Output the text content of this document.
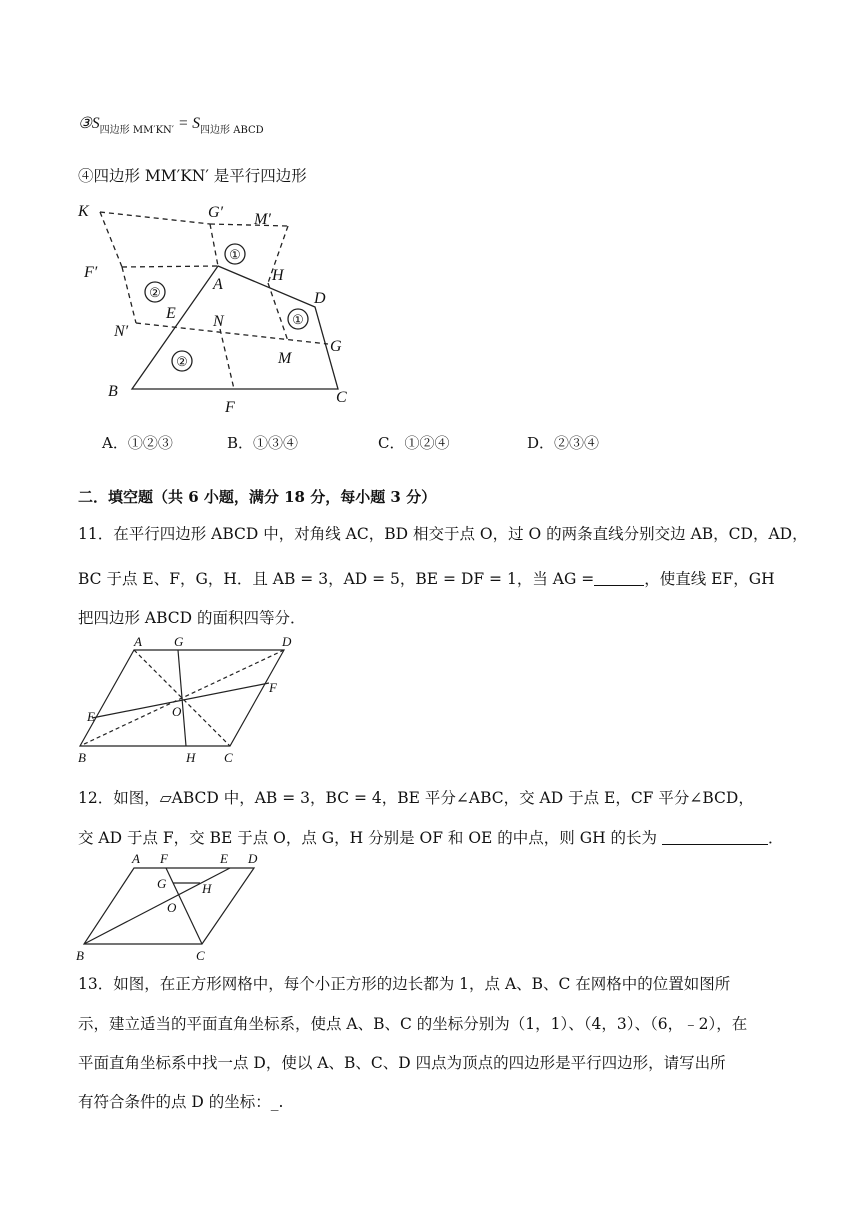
$③S_{四边形 MM'KN'} = S_{四边形 ABCD}$
④四边形 MM′KN′ 是平行四边形
K	G′ M′
F′	H
A
D
E N
N′
G
M
B
F
C
①
②
①
②
A．①②③	B．①③④	C．①②④	D．②③④
二．填空题（共 6 小题，满分 18 分，每小题 3 分）
11．在平行四边形 ABCD 中，对角线 AC，BD 相交于点 O，过 O 的两条直线分别交边 AB，CD，AD，
BC 于点 E、F，G，H．且 AB = 3，AD = 5，BE = DF = 1，当 AG =	，使直线 EF，GH
把四边形 ABCD 的面积四等分．
A G	D
F
E	O
B	H C
12．如图，▱ABCD 中，AB = 3，BC = 4，BE 平分∠ABC，交 AD 于点 E，CF 平分∠BCD，
交 AD 于点 F，交 BE 于点 O，点 G，H 分别是 OF 和 OE 的中点，则 GH 的长为	．
A F	E D
G	H
O
B	C
13．如图，在正方形网格中，每个小正方形的边长都为 1，点 A、B、C 在网格中的位置如图所
示，建立适当的平面直角坐标系，使点 A、B、C 的坐标分别为（1，1）、（4，3）、（6，﹣2），在
平面直角坐标系中找一点 D，使以 A、B、C、D 四点为顶点的四边形是平行四边形，请写出所
有符合条件的点 D 的坐标：_.
